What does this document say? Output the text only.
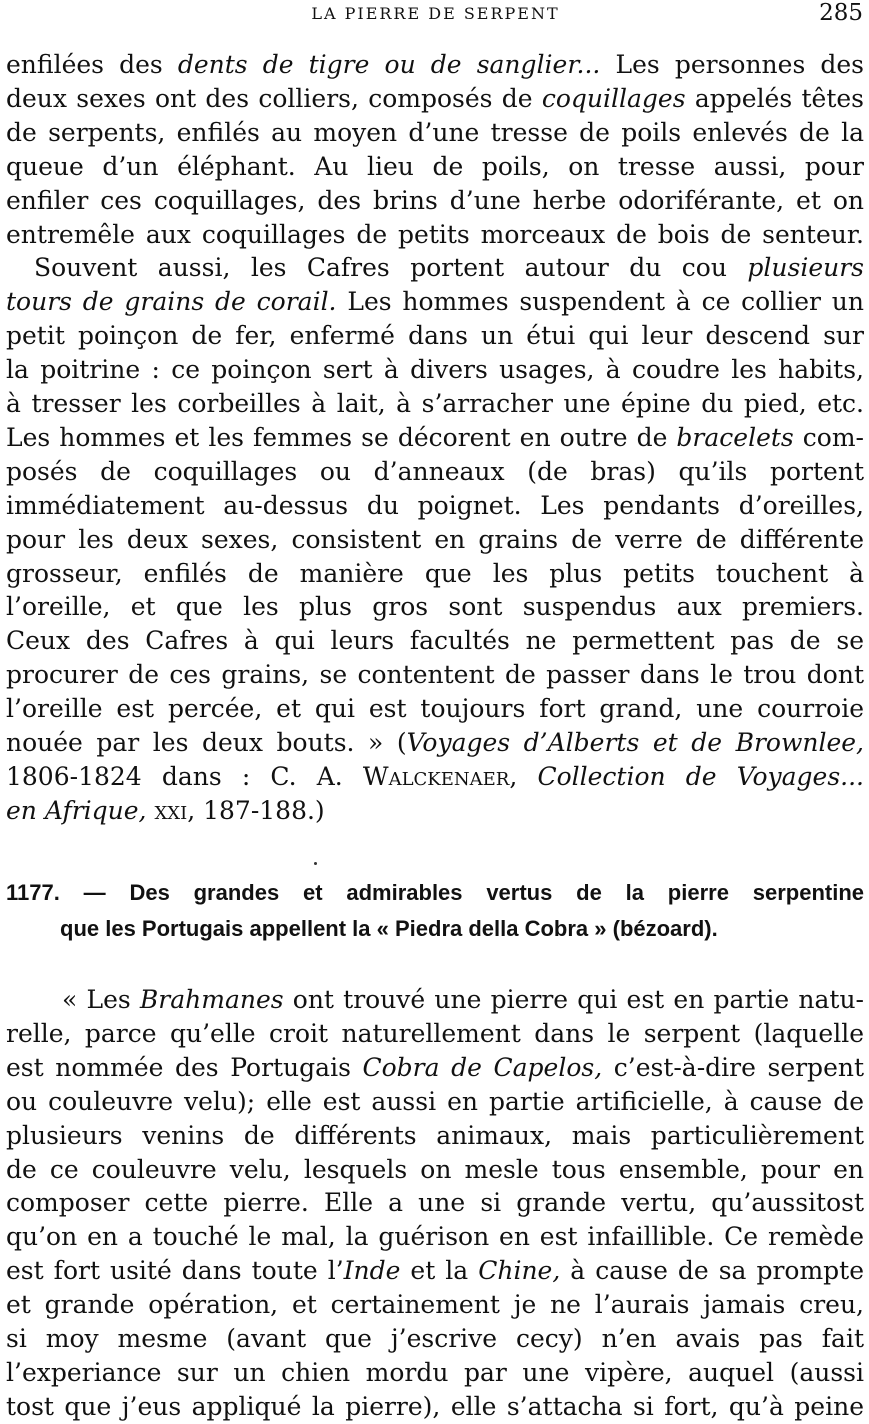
LA PIERRE DE SERPENT	285
enfilées des dents de tigre ou de sanglier... Les personnes des
deux sexes ont des colliers, composés de coquillages appelés têtes
de serpents, enfilés au moyen d’une tresse de poils enlevés de la
queue d’un éléphant. Au lieu de poils, on tresse aussi, pour
enfiler ces coquillages, des brins d’une herbe odoriférante, et on
entremêle aux coquillages de petits morceaux de bois de senteur.
Souvent aussi, les Cafres portent autour du cou plusieurs
tours de grains de corail. Les hommes suspendent à ce collier un
petit poinçon de fer, enfermé dans un étui qui leur descend sur
la poitrine : ce poinçon sert à divers usages, à coudre les habits,
à tresser les corbeilles à lait, à s’arracher une épine du pied, etc.
Les hommes et les femmes se décorent en outre de bracelets com-
posés de coquillages ou d’anneaux (de bras) qu’ils portent
immédiatement au-dessus du poignet. Les pendants d’oreilles,
pour les deux sexes, consistent en grains de verre de différente
grosseur, enfilés de manière que les plus petits touchent à
l’oreille, et que les plus gros sont suspendus aux premiers.
Ceux des Cafres à qui leurs facultés ne permettent pas de se
procurer de ces grains, se contentent de passer dans le trou dont
l’oreille est percée, et qui est toujours fort grand, une courroie
nouée par les deux bouts. » (Voyages d’Alberts et de Brownlee,
1806-1824 dans : C. A. Walckenaer, Collection de Voyages...
en Afrique, xxi, 187-188.)
1177. — Des grandes et admirables vertus de la pierre serpentine
que les Portugais appellent la « Piedra della Cobra » (bézoard).
« Les Brahmanes ont trouvé une pierre qui est en partie natu-
relle, parce qu’elle croit naturellement dans le serpent (laquelle
est nommée des Portugais Cobra de Capelos, c’est-à-dire serpent
ou couleuvre velu); elle est aussi en partie artificielle, à cause de
plusieurs venins de différents animaux, mais particulièrement
de ce couleuvre velu, lesquels on mesle tous ensemble, pour en
composer cette pierre. Elle a une si grande vertu, qu’aussitost
qu’on en a touché le mal, la guérison en est infaillible. Ce remède
est fort usité dans toute l’Inde et la Chine, à cause de sa prompte
et grande opération, et certainement je ne l’aurais jamais creu,
si moy mesme (avant que j’escrive cecy) n’en avais pas fait
l’experiance sur un chien mordu par une vipère, auquel (aussi
tost que j’eus appliqué la pierre), elle s’attacha si fort, qu’à peine
